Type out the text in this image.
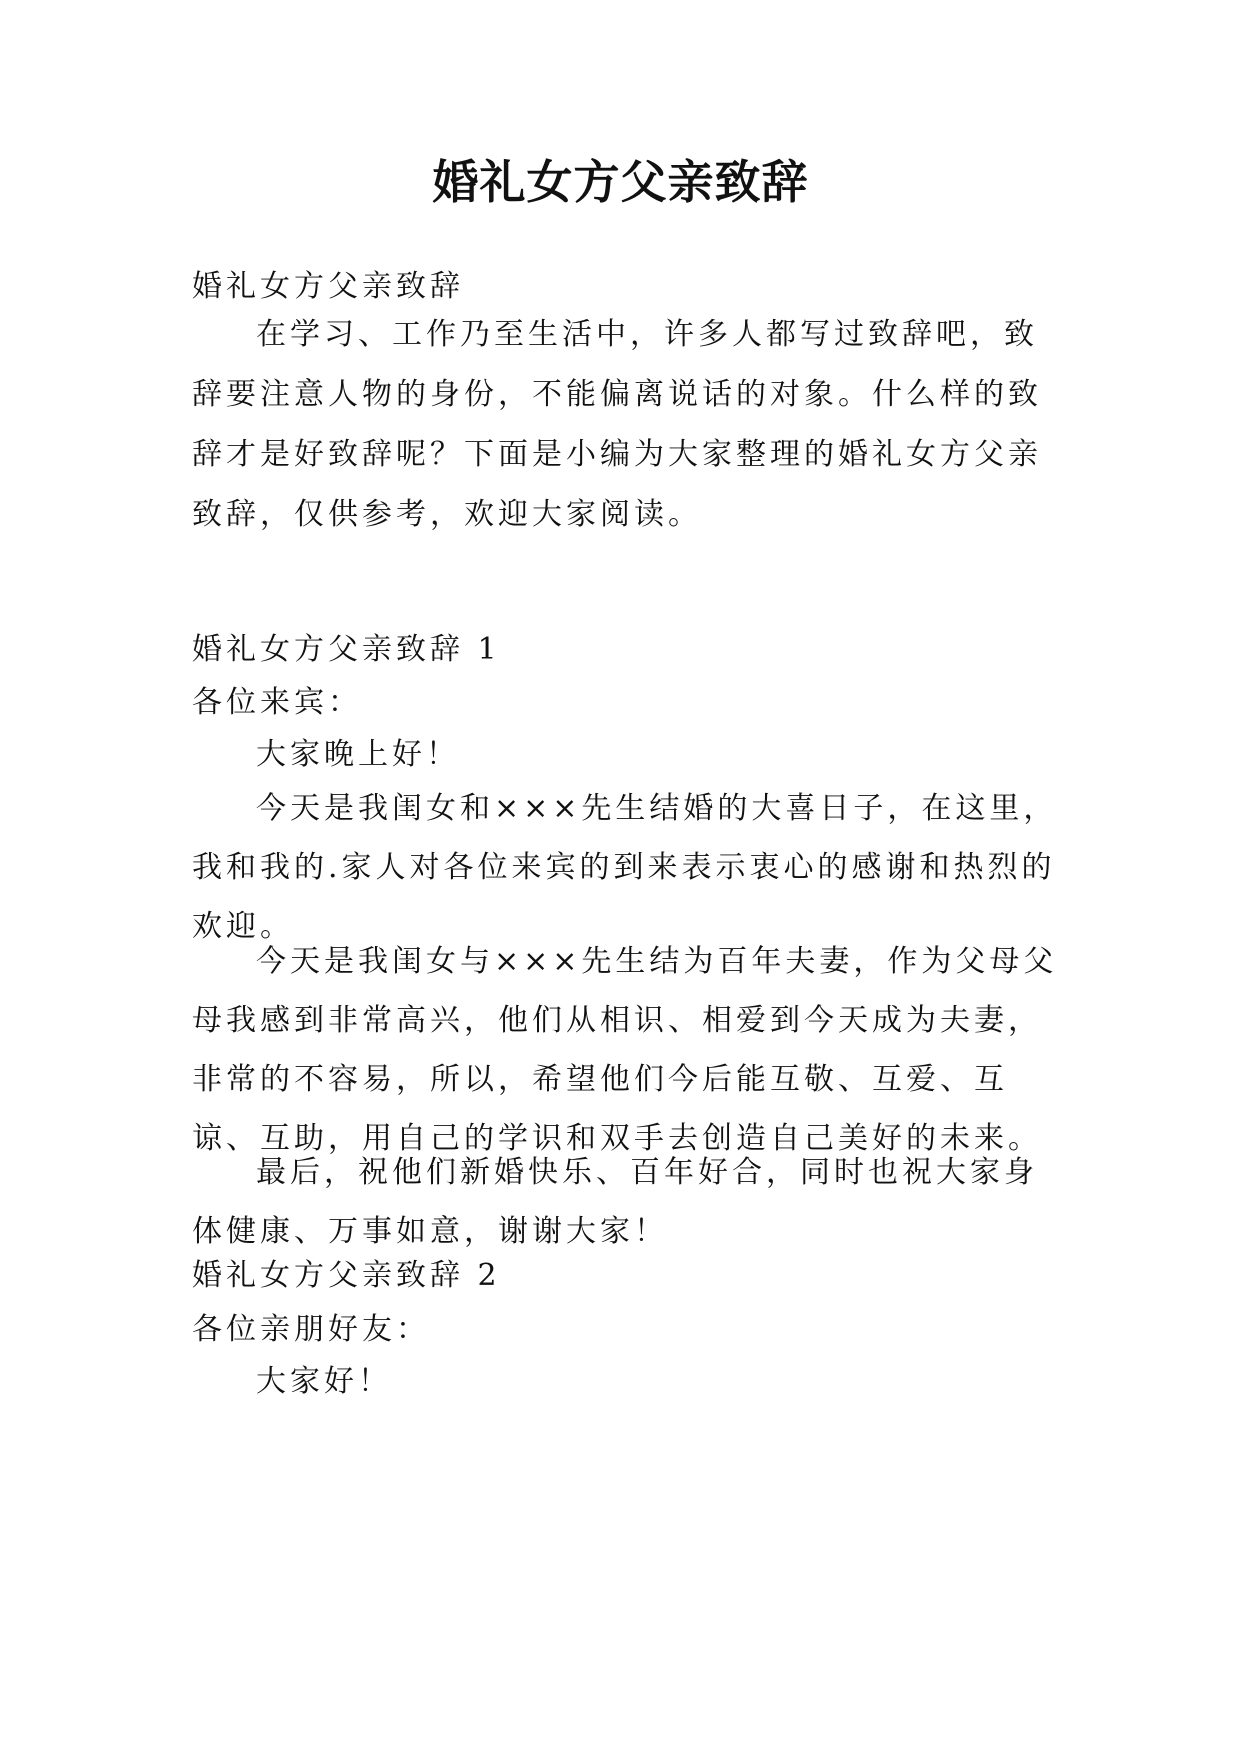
婚礼女方父亲致辞
婚礼女方父亲致辞
在学习、工作乃至生活中，许多人都写过致辞吧，致辞要注意人物的身份，不能偏离说话的对象。什么样的致辞才是好致辞呢？下面是小编为大家整理的婚礼女方父亲致辞，仅供参考，欢迎大家阅读。
婚礼女方父亲致辞 1
各位来宾：
大家晚上好！
今天是我闺女和×××先生结婚的大喜日子，在这里，我和我的.家人对各位来宾的到来表示衷心的感谢和热烈的欢迎。
今天是我闺女与×××先生结为百年夫妻，作为父母父母我感到非常高兴，他们从相识、相爱到今天成为夫妻，非常的不容易，所以，希望他们今后能互敬、互爱、互谅、互助，用自己的学识和双手去创造自己美好的未来。
最后，祝他们新婚快乐、百年好合，同时也祝大家身体健康、万事如意，谢谢大家！
婚礼女方父亲致辞 2
各位亲朋好友：
大家好！
